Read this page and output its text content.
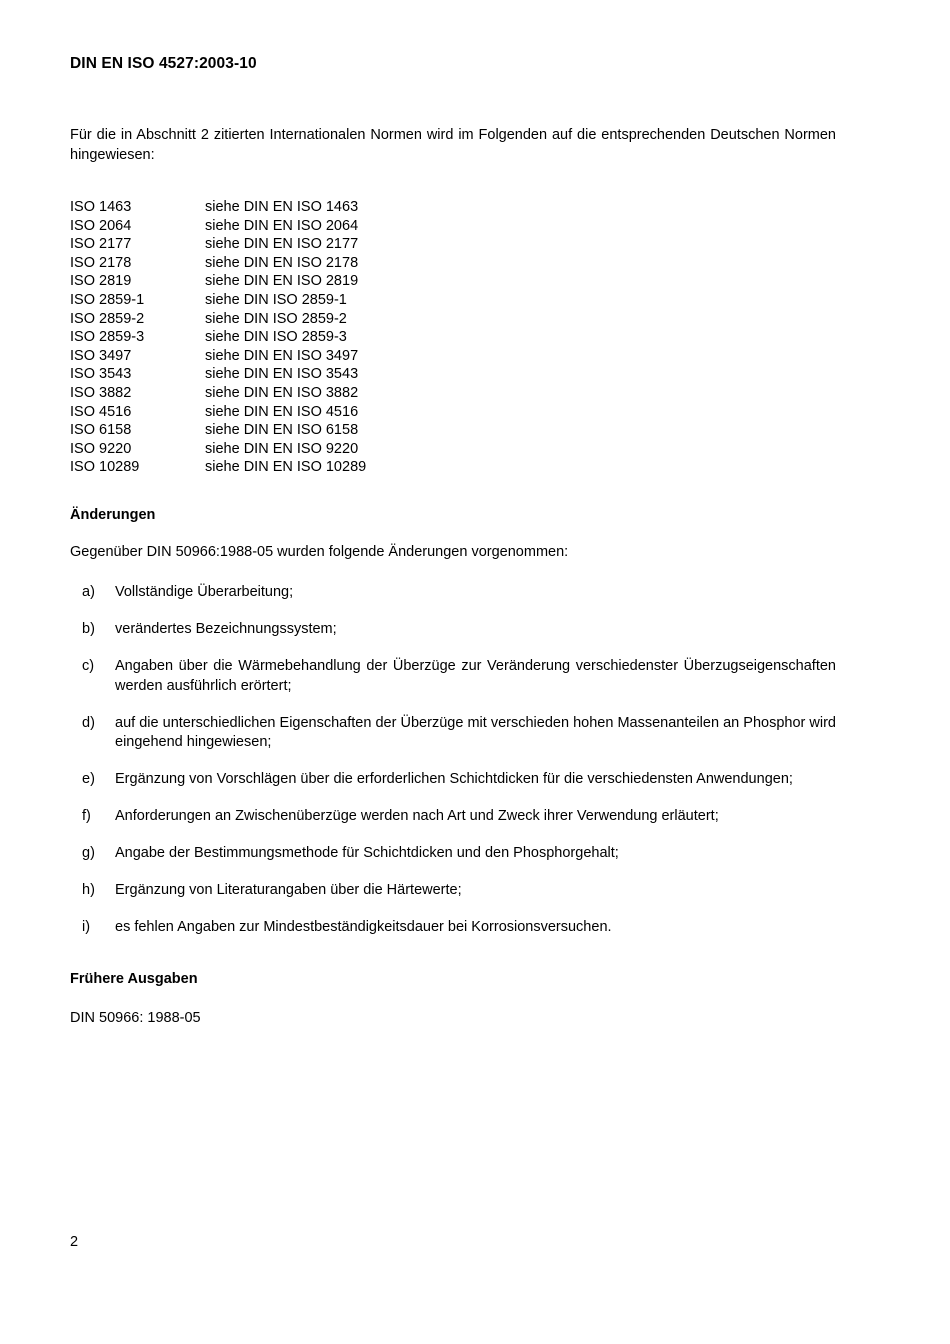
DIN EN ISO 4527:2003-10

Für die in Abschnitt 2 zitierten Internationalen Normen wird im Folgenden auf die entsprechenden Deutschen Normen hingewiesen:

ISO 1463	siehe DIN EN ISO 1463
ISO 2064	siehe DIN EN ISO 2064
ISO 2177	siehe DIN EN ISO 2177
ISO 2178	siehe DIN EN ISO 2178
ISO 2819	siehe DIN EN ISO 2819
ISO 2859-1	siehe DIN ISO 2859-1
ISO 2859-2	siehe DIN ISO 2859-2
ISO 2859-3	siehe DIN ISO 2859-3
ISO 3497	siehe DIN EN ISO 3497
ISO 3543	siehe DIN EN ISO 3543
ISO 3882	siehe DIN EN ISO 3882
ISO 4516	siehe DIN EN ISO 4516
ISO 6158	siehe DIN EN ISO 6158
ISO 9220	siehe DIN EN ISO 9220
ISO 10289	siehe DIN EN ISO 10289
Änderungen

Gegenüber DIN 50966:1988-05 wurden folgende Änderungen vorgenommen:

a)	Vollständige Überarbeitung;
b)	verändertes Bezeichnungssystem;
c)	Angaben über die Wärmebehandlung der Überzüge zur Veränderung verschiedenster Überzugseigenschaften werden ausführlich erörtert;
d)	auf die unterschiedlichen Eigenschaften der Überzüge mit verschieden hohen Massenanteilen an Phosphor wird eingehend hingewiesen;
e)	Ergänzung von Vorschlägen über die erforderlichen Schichtdicken für die verschiedensten Anwendungen;
f)	Anforderungen an Zwischenüberzüge werden nach Art und Zweck ihrer Verwendung erläutert;
g)	Angabe der Bestimmungsmethode für Schichtdicken und den Phosphorgehalt;
h)	Ergänzung von Literaturangaben über die Härtewerte;
i)	es fehlen Angaben zur Mindestbeständigkeitsdauer bei Korrosionsversuchen.
Frühere Ausgaben

DIN 50966: 1988-05

2
